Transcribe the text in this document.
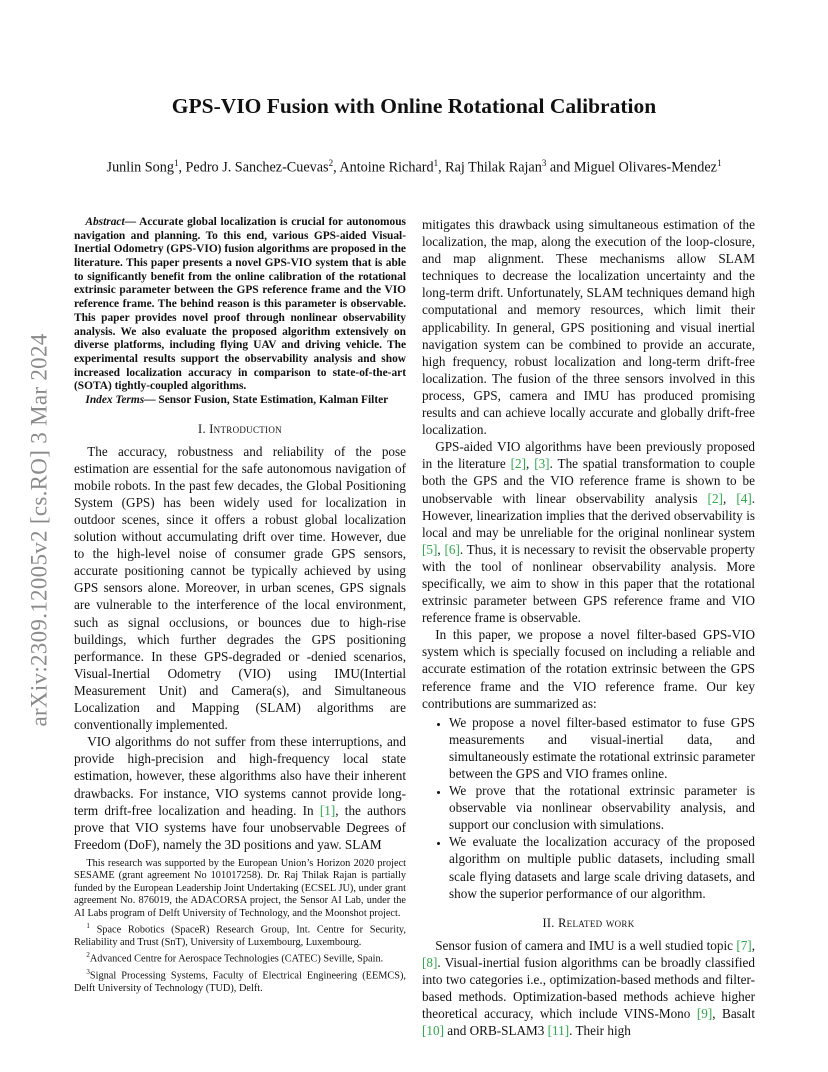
arXiv:2309.12005v2 [cs.RO] 3 Mar 2024
GPS-VIO Fusion with Online Rotational Calibration
Junlin Song$^1$, Pedro J. Sanchez-Cuevas$^2$, Antoine Richard$^1$, Raj Thilak Rajan$^3$ and Miguel Olivares-Mendez$^1$

Abstract— Accurate global localization is crucial for autonomous navigation and planning. To this end, various GPS-aided Visual-Inertial Odometry (GPS-VIO) fusion algorithms are proposed in the literature. This paper presents a novel GPS-VIO system that is able to significantly benefit from the online calibration of the rotational extrinsic parameter between the GPS reference frame and the VIO reference frame. The behind reason is this parameter is observable. This paper provides novel proof through nonlinear observability analysis. We also evaluate the proposed algorithm extensively on diverse platforms, including flying UAV and driving vehicle. The experimental results support the observability analysis and show increased localization accuracy in comparison to state-of-the-art (SOTA) tightly-coupled algorithms.

Index Terms— Sensor Fusion, State Estimation, Kalman Filter

I. Introduction

The accuracy, robustness and reliability of the pose estimation are essential for the safe autonomous navigation of mobile robots. In the past few decades, the Global Positioning System (GPS) has been widely used for localization in outdoor scenes, since it offers a robust global localization solution without accumulating drift over time. However, due to the high-level noise of consumer grade GPS sensors, accurate positioning cannot be typically achieved by using GPS sensors alone. Moreover, in urban scenes, GPS signals are vulnerable to the interference of the local environment, such as signal occlusions, or bounces due to high-rise buildings, which further degrades the GPS positioning performance. In these GPS-degraded or -denied scenarios, Visual-Inertial Odometry (VIO) using IMU(Intertial Measurement Unit) and Camera(s), and Simultaneous Localization and Mapping (SLAM) algorithms are conventionally implemented.

VIO algorithms do not suffer from these interruptions, and provide high-precision and high-frequency local state estimation, however, these algorithms also have their inherent drawbacks. For instance, VIO systems cannot provide long-term drift-free localization and heading. In [1], the authors prove that VIO systems have four unobservable Degrees of Freedom (DoF), namely the 3D positions and yaw. SLAM

This research was supported by the European Union’s Horizon 2020 project SESAME (grant agreement No 101017258). Dr. Raj Thilak Rajan is partially funded by the European Leadership Joint Undertaking (ECSEL JU), under grant agreement No. 876019, the ADACORSA project, the Sensor AI Lab, under the AI Labs program of Delft University of Technology, and the Moonshot project.

$^1$ Space Robotics (SpaceR) Research Group, Int. Centre for Security, Reliability and Trust (SnT), University of Luxembourg, Luxembourg.

$^2$Advanced Centre for Aerospace Technologies (CATEC) Seville, Spain.

$^3$Signal Processing Systems, Faculty of Electrical Engineering (EEMCS), Delft University of Technology (TUD), Delft.

mitigates this drawback using simultaneous estimation of the localization, the map, along the execution of the loop-closure, and map alignment. These mechanisms allow SLAM techniques to decrease the localization uncertainty and the long-term drift. Unfortunately, SLAM techniques demand high computational and memory resources, which limit their applicability. In general, GPS positioning and visual inertial navigation system can be combined to provide an accurate, high frequency, robust localization and long-term drift-free localization. The fusion of the three sensors involved in this process, GPS, camera and IMU has produced promising results and can achieve locally accurate and globally drift-free localization.

GPS-aided VIO algorithms have been previously proposed in the literature [2], [3]. The spatial transformation to couple both the GPS and the VIO reference frame is shown to be unobservable with linear observability analysis [2], [4]. However, linearization implies that the derived observability is local and may be unreliable for the original nonlinear system [5], [6]. Thus, it is necessary to revisit the observable property with the tool of nonlinear observability analysis. More specifically, we aim to show in this paper that the rotational extrinsic parameter between GPS reference frame and VIO reference frame is observable.

In this paper, we propose a novel filter-based GPS-VIO system which is specially focused on including a reliable and accurate estimation of the rotation extrinsic between the GPS reference frame and the VIO reference frame. Our key contributions are summarized as:

• We propose a novel filter-based estimator to fuse GPS measurements and visual-inertial data, and simultaneously estimate the rotational extrinsic parameter between the GPS and VIO frames online.
• We prove that the rotational extrinsic parameter is observable via nonlinear observability analysis, and support our conclusion with simulations.
• We evaluate the localization accuracy of the proposed algorithm on multiple public datasets, including small scale flying datasets and large scale driving datasets, and show the superior performance of our algorithm.
II. Related work

Sensor fusion of camera and IMU is a well studied topic [7], [8]. Visual-inertial fusion algorithms can be broadly classified into two categories i.e., optimization-based methods and filter-based methods. Optimization-based methods achieve higher theoretical accuracy, which include VINS-Mono [9], Basalt [10] and ORB-SLAM3 [11]. Their high
